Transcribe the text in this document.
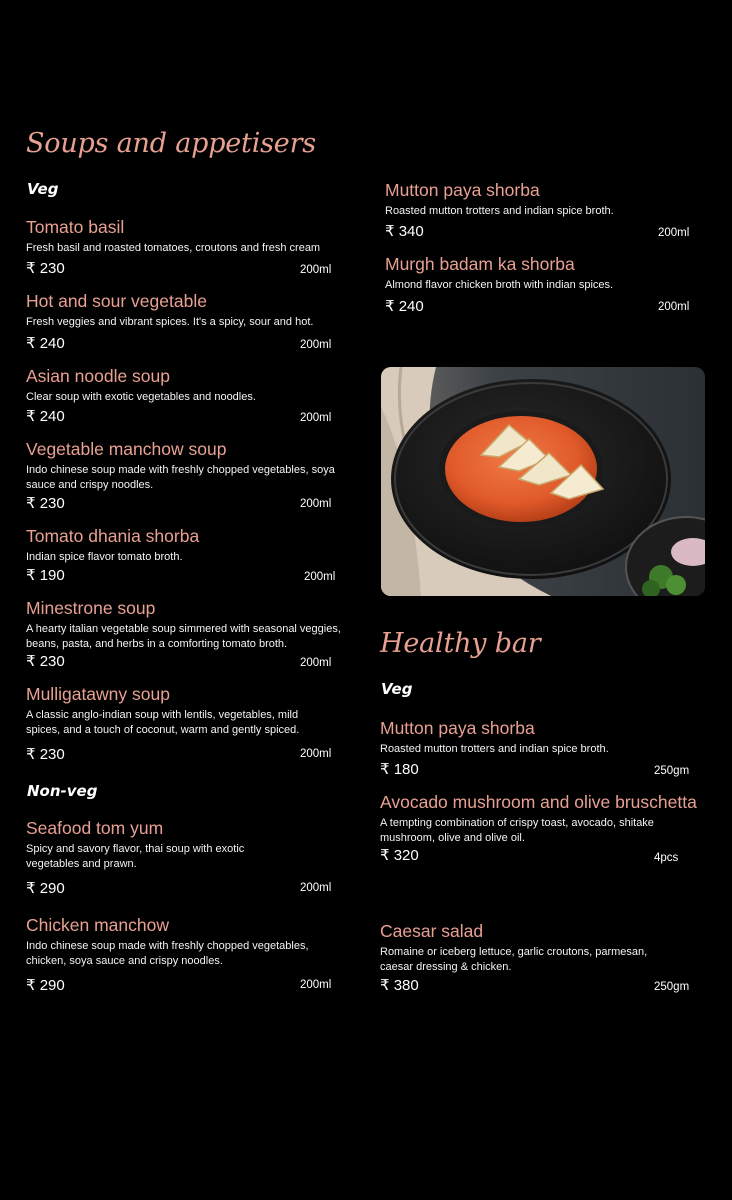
Soups and appetisers
Veg
Tomato basil
Fresh basil and roasted tomatoes, croutons and fresh cream
₹ 230	200ml
Hot and sour vegetable
Fresh veggies and vibrant spices. It's a spicy, sour and hot.
₹ 240	200ml
Asian noodle soup
Clear soup with exotic vegetables and noodles.
₹ 240	200ml
Vegetable manchow soup
Indo chinese soup made with freshly chopped vegetables, soya sauce and crispy noodles.
₹ 230	200ml
Tomato dhania shorba
Indian spice flavor tomato broth.
₹ 190	200ml
Minestrone soup
A hearty italian vegetable soup simmered with seasonal veggies, beans, pasta, and herbs in a comforting tomato broth.
₹ 230	200ml
Mulligatawny soup
A classic anglo-indian soup with lentils, vegetables, mild spices, and a touch of coconut, warm and gently spiced.
₹ 230	200ml
Non-veg
Seafood tom yum
Spicy and savory flavor, thai soup with exotic vegetables and prawn.
₹ 290	200ml
Chicken manchow
Indo chinese soup made with freshly chopped vegetables, chicken, soya sauce and crispy noodles.
₹ 290	200ml
Mutton paya shorba
Roasted mutton trotters and indian spice broth.
₹ 340	200ml
Murgh badam ka shorba
Almond flavor chicken broth with indian spices.
₹ 240	200ml
Healthy bar
Veg
Mutton paya shorba
Roasted mutton trotters and indian spice broth.
₹ 180	250gm
Avocado mushroom and olive bruschetta
A tempting combination of crispy toast, avocado, shitake mushroom, olive and olive oil.
₹ 320	4pcs
Caesar salad
Romaine or iceberg lettuce, garlic croutons, parmesan, caesar dressing & chicken.
₹ 380	250gm
